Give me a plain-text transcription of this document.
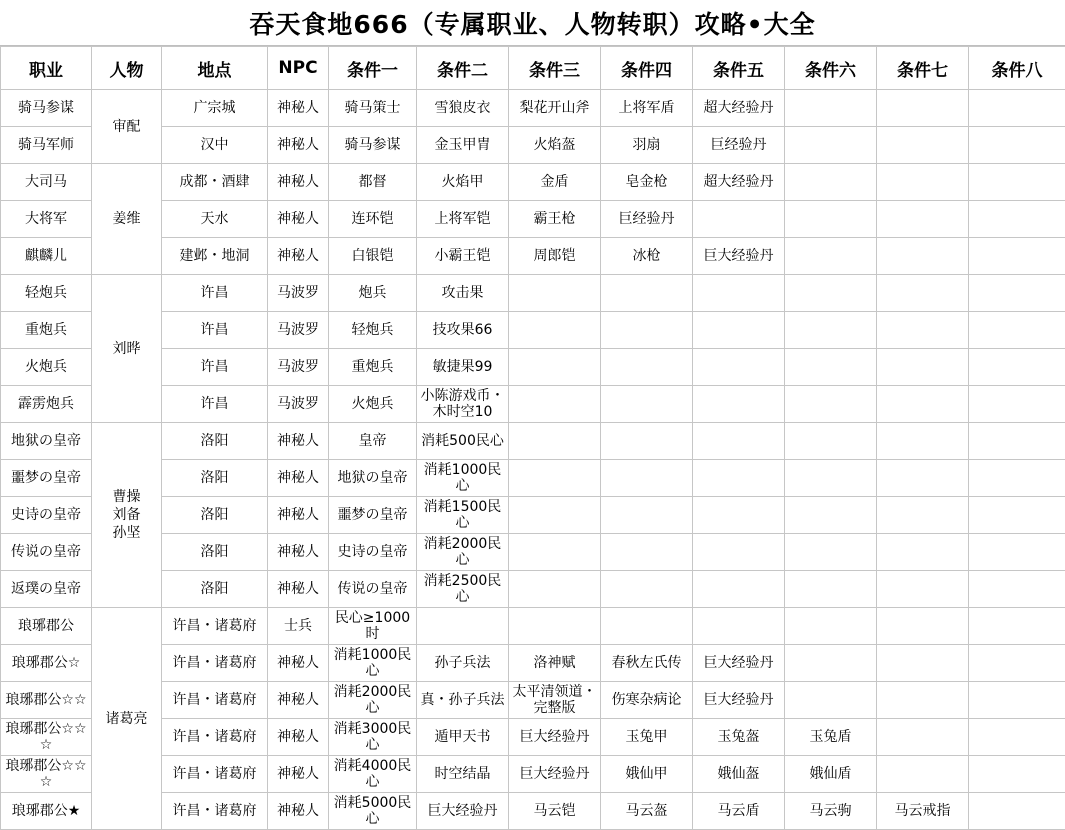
吞天食地666（专属职业、人物转职）攻略•大全
职业	人物	地点	NPC	条件一	条件二	条件三	条件四	条件五	条件六	条件七	条件八
骑马参谋	审配	广宗城	神秘人	骑马策士	雪狼皮衣	梨花开山斧	上将军盾	超大经验丹			
骑马军师		汉中	神秘人	骑马参谋	金玉甲胄	火焰盔	羽扇	巨经验丹			
大司马	姜维	成都・酒肆	神秘人	都督	火焰甲	金盾	皂金枪	超大经验丹			
大将军		天水	神秘人	连环铠	上将军铠	霸王枪	巨经验丹				
麒麟儿		建邺・地洞	神秘人	白银铠	小霸王铠	周郎铠	冰枪	巨大经验丹			
轻炮兵	刘晔	许昌	马波罗	炮兵	攻击果						
重炮兵		许昌	马波罗	轻炮兵	技攻果66						
火炮兵		许昌	马波罗	重炮兵	敏捷果99						
霹雳炮兵		许昌	马波罗	火炮兵	小陈游戏币・木时空10						
地狱の皇帝	曹操刘备孙坚	洛阳	神秘人	皇帝	消耗500民心						
噩梦の皇帝		洛阳	神秘人	地狱の皇帝	消耗1000民心						
史诗の皇帝		洛阳	神秘人	噩梦の皇帝	消耗1500民心						
传说の皇帝		洛阳	神秘人	史诗の皇帝	消耗2000民心						
返璞の皇帝		洛阳	神秘人	传说の皇帝	消耗2500民心						
琅琊郡公	诸葛亮	许昌・诸葛府	士兵	民心≥1000时							
琅琊郡公☆		许昌・诸葛府	神秘人	消耗1000民心	孙子兵法	洛神赋	春秋左氏传	巨大经验丹			
琅琊郡公☆☆		许昌・诸葛府	神秘人	消耗2000民心	真・孙子兵法	太平清领道・完整版	伤寒杂病论	巨大经验丹			
琅琊郡公☆☆☆		许昌・诸葛府	神秘人	消耗3000民心	遁甲天书	巨大经验丹	玉兔甲	玉兔盔	玉兔盾		
琅琊郡公☆☆☆		许昌・诸葛府	神秘人	消耗4000民心	时空结晶	巨大经验丹	娥仙甲	娥仙盔	娥仙盾		
琅琊郡公★		许昌・诸葛府	神秘人	消耗5000民心	巨大经验丹	马云铠	马云盔	马云盾	马云驹	马云戒指	
